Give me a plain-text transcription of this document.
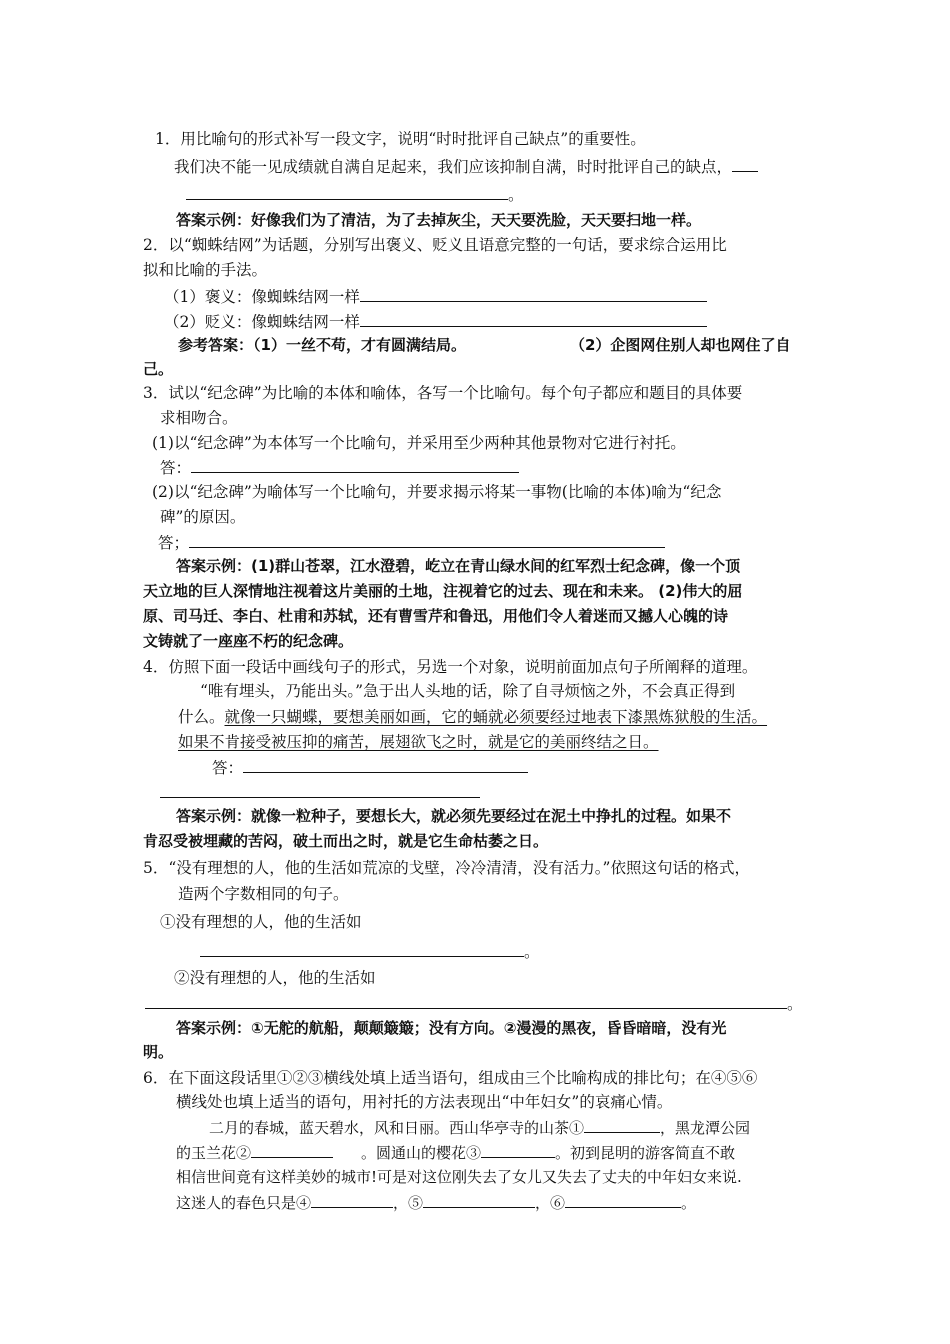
1．用比喻句的形式补写一段文字，说明“时时批评自己缺点”的重要性。
我们决不能一见成绩就自满自足起来，我们应该抑制自满，时时批评自己的缺点，
。
答案示例：好像我们为了清洁，为了去掉灰尘，天天要洗脸，天天要扫地一样。
2．以“蜘蛛结网”为话题，分别写出褒义、贬义且语意完整的一句话，要求综合运用比
拟和比喻的手法。
（1）褒义：像蜘蛛结网一样
（2）贬义：像蜘蛛结网一样
参考答案：（1）一丝不苟，才有圆满结局。	（2）企图网住别人却也网住了自
己。
3．试以“纪念碑”为比喻的本体和喻体，各写一个比喻句。每个句子都应和题目的具体要
求相吻合。
(1)以“纪念碑”为本体写一个比喻句，并采用至少两种其他景物对它进行衬托。
答：
(2)以“纪念碑”为喻体写一个比喻句，并要求揭示将某一事物(比喻的本体)喻为“纪念
碑”的原因。
答；
答案示例：(1)群山苍翠，江水澄碧，屹立在青山绿水间的红军烈士纪念碑，像一个顶
天立地的巨人深情地注视着这片美丽的土地，注视着它的过去、现在和未来。 (2)伟大的屈
原、司马迁、李白、杜甫和苏轼，还有曹雪芹和鲁迅，用他们令人着迷而又撼人心魄的诗
文铸就了一座座不朽的纪念碑。
4．仿照下面一段话中画线句子的形式，另选一个对象，说明前面加点句子所阐释的道理。
“唯有埋头，乃能出头。”急于出人头地的话，除了自寻烦恼之外，不会真正得到
什么。就像一只蝴蝶，要想美丽如画，它的蛹就必须要经过地表下漆黑炼狱般的生活。
如果不肯接受被压抑的痛苦，展翅欲飞之时，就是它的美丽终结之日。
答：
答案示例：就像一粒种子，要想长大，就必须先要经过在泥土中挣扎的过程。如果不
肯忍受被埋藏的苦闷，破土而出之时，就是它生命枯萎之日。
5．“没有理想的人，他的生活如荒凉的戈壁，冷冷清清，没有活力。”依照这句话的格式，
造两个字数相同的句子。
①没有理想的人，他的生活如
。
②没有理想的人，他的生活如
。
答案示例：①无舵的航船，颠颠簸簸；没有方向。②漫漫的黑夜，昏昏暗暗，没有光
明。
6．在下面这段话里①②③横线处填上适当语句，组成由三个比喻构成的排比句；在④⑤⑥
横线处也填上适当的语句，用衬托的方法表现出“中年妇女”的哀痛心情。
二月的春城，蓝天碧水，风和日丽。西山华亭寺的山茶①	，黑龙潭公园
的玉兰花②	。圆通山的樱花③	。初到昆明的游客简直不敢
相信世间竟有这样美妙的城市!可是对这位刚失去了女儿又失去了丈夫的中年妇女来说.
这迷人的春色只是④	，⑤	，⑥	。
